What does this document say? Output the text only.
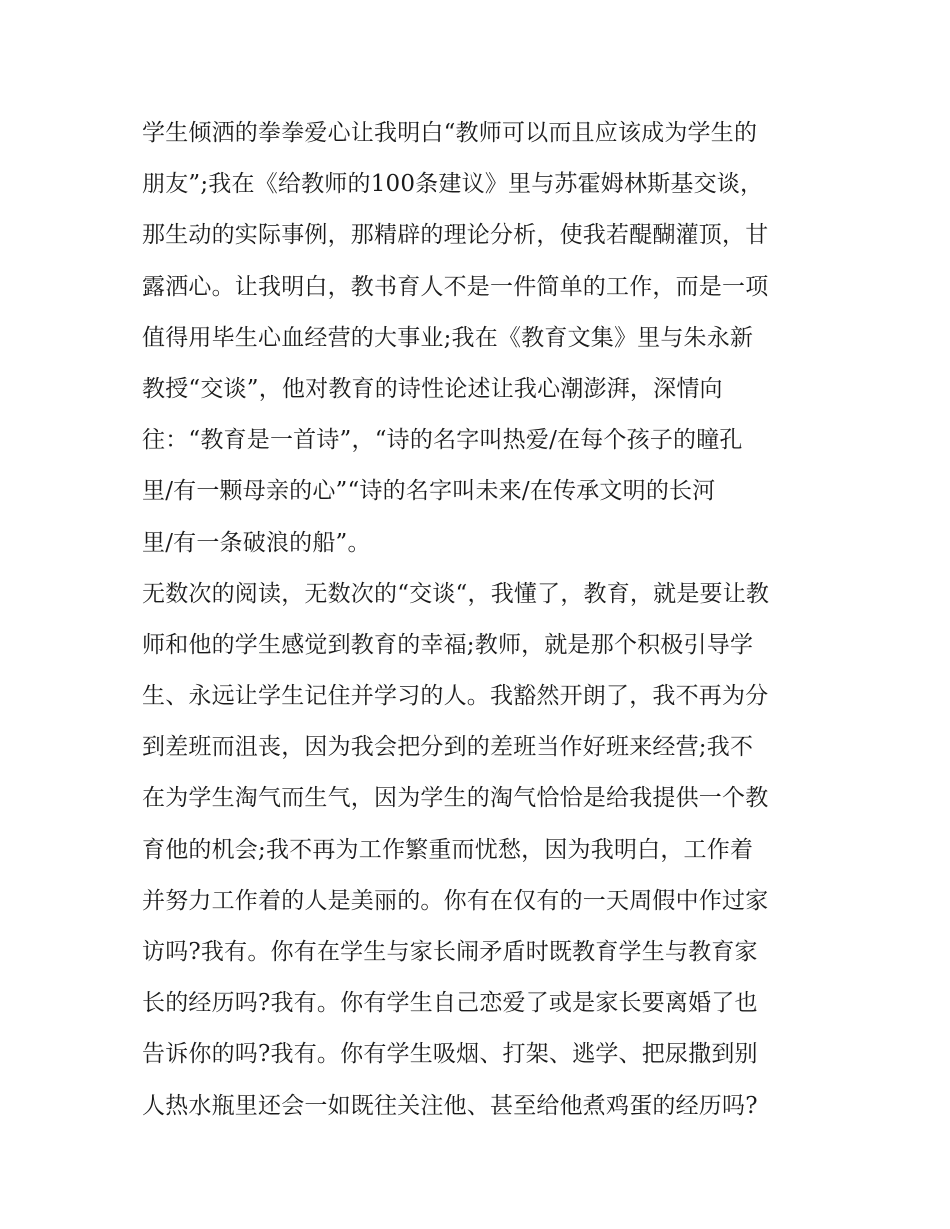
学生倾洒的拳拳爱心让我明白“教师可以而且应该成为学生的
朋友”;我在《给教师的100条建议》里与苏霍姆林斯基交谈，
那生动的实际事例，那精辟的理论分析，使我若醍醐灌顶，甘
露洒心。让我明白，教书育人不是一件简单的工作，而是一项
值得用毕生心血经营的大事业;我在《教育文集》里与朱永新
教授“交谈”，他对教育的诗性论述让我心潮澎湃，深情向
往：“教育是一首诗”，“诗的名字叫热爱/在每个孩子的瞳孔
里/有一颗母亲的心”“诗的名字叫未来/在传承文明的长河
里/有一条破浪的船”。
无数次的阅读，无数次的“交谈“，我懂了，教育，就是要让教
师和他的学生感觉到教育的幸福;教师，就是那个积极引导学
生、永远让学生记住并学习的人。我豁然开朗了，我不再为分
到差班而沮丧，因为我会把分到的差班当作好班来经营;我不
在为学生淘气而生气，因为学生的淘气恰恰是给我提供一个教
育他的机会;我不再为工作繁重而忧愁，因为我明白，工作着
并努力工作着的人是美丽的。你有在仅有的一天周假中作过家
访吗?我有。你有在学生与家长闹矛盾时既教育学生与教育家
长的经历吗?我有。你有学生自己恋爱了或是家长要离婚了也
告诉你的吗?我有。你有学生吸烟、打架、逃学、把尿撒到别
人热水瓶里还会一如既往关注他、甚至给他煮鸡蛋的经历吗?
